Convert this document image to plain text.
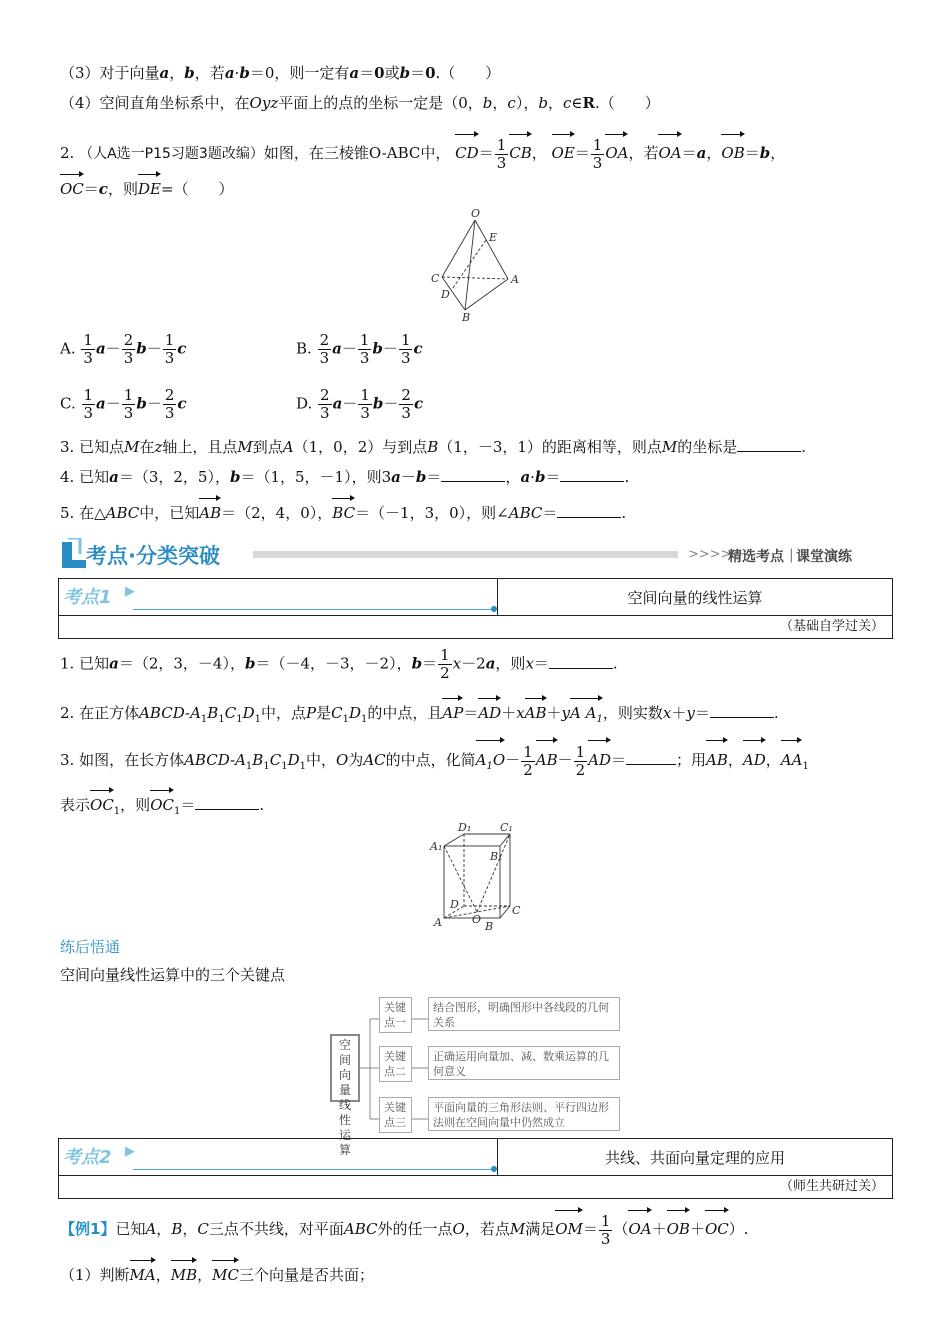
（3）对于向量a，b，若a·b＝0，则一定有a＝0或b＝0.（　　）
（4）空间直角坐标系中，在Oyz平面上的点的坐标一定是（0，b，c），b，c∈R.（　　）
2. （人A选一P15习题3题改编）如图，在三棱锥O-ABC中， $CD= \frac{1}{3}$ CB， $OE= \frac{1}{3}$ OA，若OA＝a，OB＝b，
OC＝c，则DE=（　　）
O
E
C	A
D
B
A. $\frac{1}{3} a- \frac{2}{3} b- \frac{1}{3}$ c	B. $\frac{2}{3} a- \frac{1}{3} b- \frac{1}{3}$ c
C. $\frac{1}{3} a- \frac{1}{3} b- \frac{2}{3}$ c	D. $\frac{2}{3} a- \frac{1}{3} b- \frac{2}{3}$ c
3. 已知点M在z轴上，且点M到点A（1，0，2）与到点B（1，－3，1）的距离相等，则点M的坐标是	.
4. 已知a＝（3，2，5），b＝（1，5，－1），则3a－b＝	，a·b＝	.
5. 在△ABC中，已知AB＝（2，4，0），BC＝（－1，3，0），则∠ABC＝	.
考点·分类突破	>>>>
精选考点 | 课堂演练
考点1 ▶	空间向量的线性运算
（基础自学过关）
1. 已知a＝（2，3，－4），b＝（－4，－3，－2），$b= \frac{1}{2} x-2a$，则x＝	.
2. 在正方体ABCD-$A_1B_1C_1D_1$中，点P是$C_1D_1$的中点，且AP＝AD＋xAB＋yA $A_1$，则实数x＋y＝	.
3. 如图，在长方体ABCD-$A_1B_1C_1D_1$中，O为AC的中点，化简$A_1O- \frac{1}{2} AB- \frac{1}{2} AD=$	；用AB，AD，$AA_1$
表示$OC_1$，则$OC_1=$	.
D₁	C₁
A₁
B₁
D	C
A	O
B
练后悟通
空间向量线性运算中的三个关键点
空间向量线性运算
关键点一
结合图形，明确图形中各线段的几何关系
关键点二
正确运用向量加、减、数乘运算的几何意义
关键点三
平面向量的三角形法则、平行四边形法则在空间向量中仍然成立
考点2 ▶	共线、共面向量定理的应用
（师生共研过关）
【例1】已知A，B，C三点不共线，对平面ABC外的任一点O，若点M满足$OM= \frac{1}{3} (OA+OB+OC)$.
（1）判断MA，MB，MC三个向量是否共面；
